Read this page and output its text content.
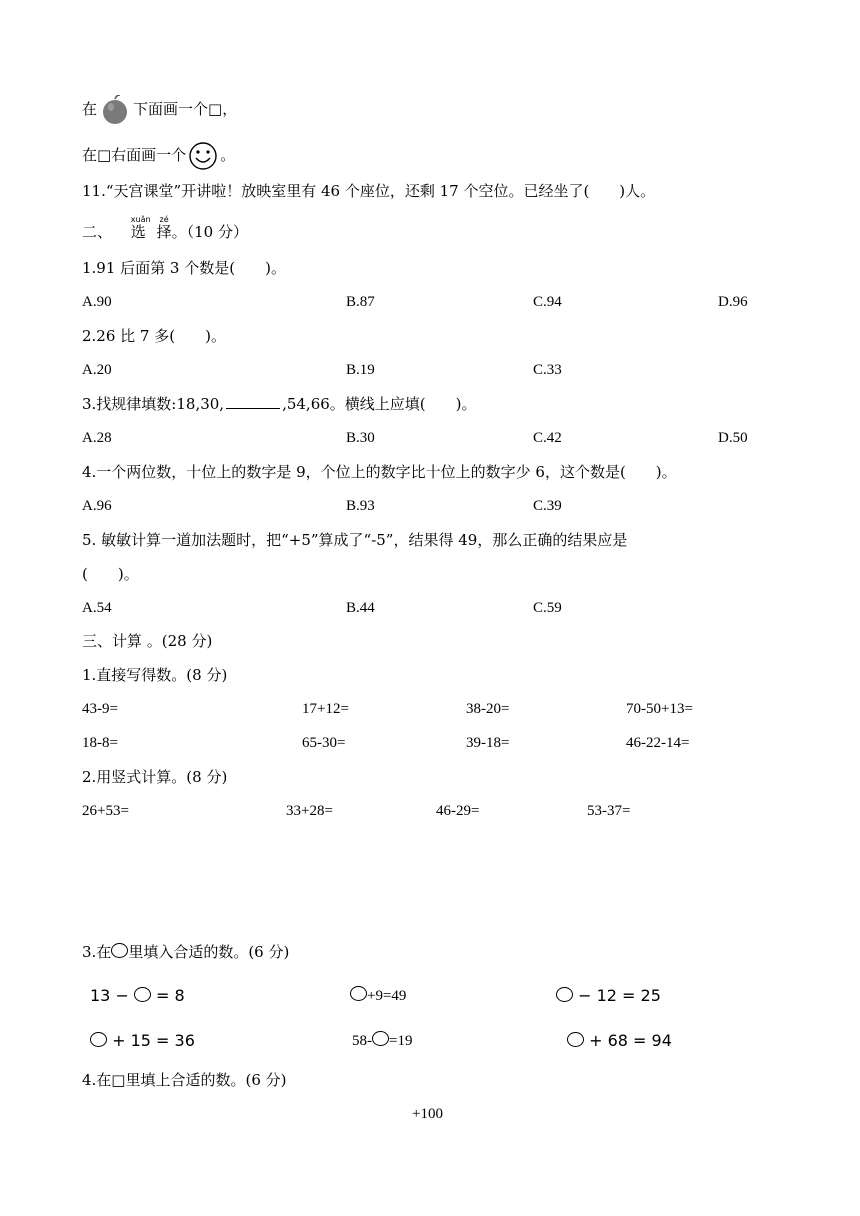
在 下面画一个□，
在□右面画一个 。
11.“天宫课堂”开讲啦！放映室里有 46 个座位，还剩 17 个空位。已经坐了(　　)人。
二、
xuǎn
选
zé
择。（10 分）
1.91 后面第 3 个数是(　　)。
A.90	B.87	C.94	D.96
2.26 比 7 多(　　)。
A.20	B.19	C.33
3.找规律填数:18,30,	,54,66。横线上应填(　　)。
A.28	B.30	C.42	D.50
4.一个两位数，十位上的数字是 9，个位上的数字比十位上的数字少 6，这个数是(　　)。
A.96	B.93	C.39
5. 敏敏计算一道加法题时，把“+5”算成了“-5”，结果得 49，那么正确的结果应是
(　　)。
A.54	B.44	C.59
三、计算 。(28 分)
1.直接写得数。(8 分)
43-9=	17+12=	38-20=	70-50+13=
18-8=	65-30=	39-18=	46-22-14=
2.用竖式计算。(8 分)
26+53=	33+28=	46-29=	53-37=
3.在 里填入合适的数。(6 分)
13 −  = 8	+9=49	− 12 = 25
+ 15 = 36	58- =19	+ 68 = 94
4.在□里填上合适的数。(6 分)
+100
